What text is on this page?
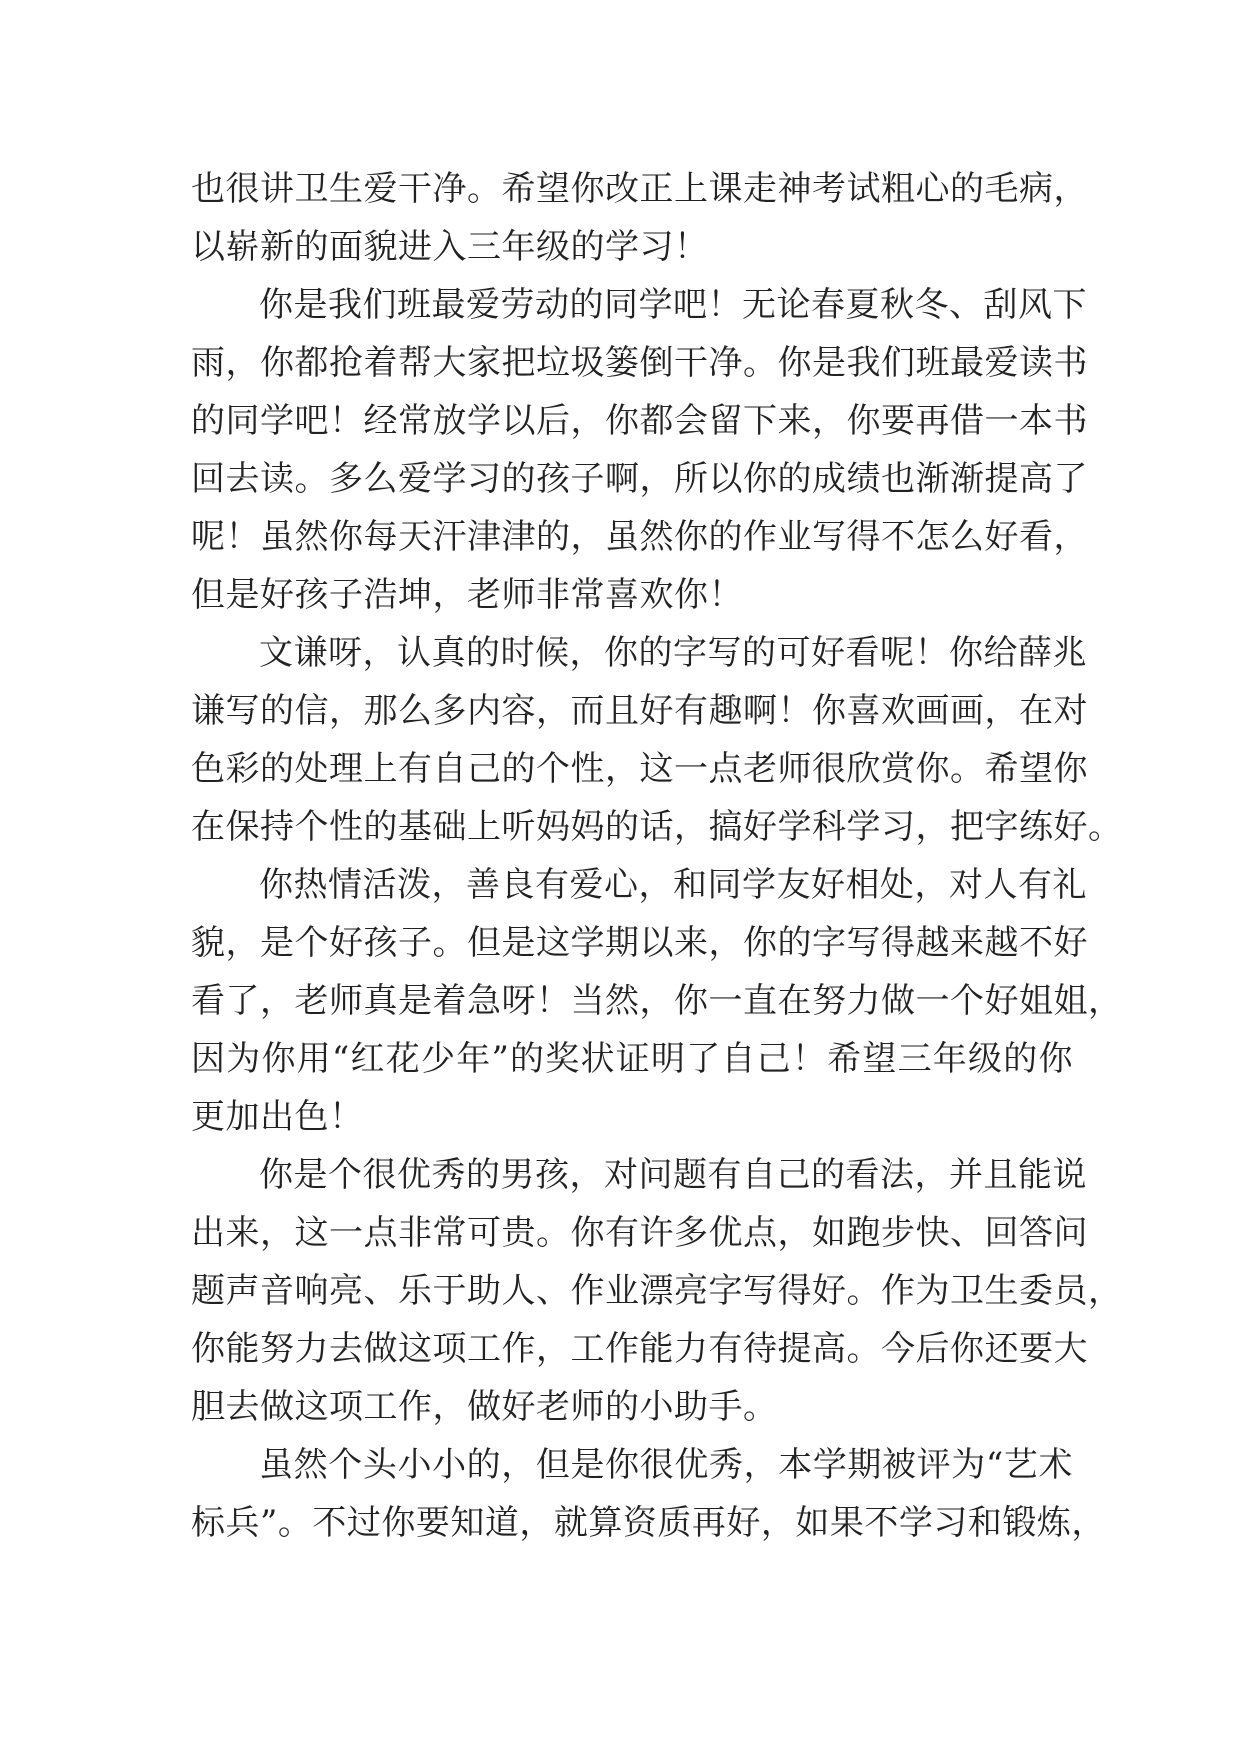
也很讲卫生爱干净。希望你改正上课走神考试粗心的毛病，
以崭新的面貌进入三年级的学习！
你是我们班最爱劳动的同学吧！无论春夏秋冬、刮风下
雨，你都抢着帮大家把垃圾篓倒干净。你是我们班最爱读书
的同学吧！经常放学以后，你都会留下来，你要再借一本书
回去读。多么爱学习的孩子啊，所以你的成绩也渐渐提高了
呢！虽然你每天汗津津的，虽然你的作业写得不怎么好看，
但是好孩子浩坤，老师非常喜欢你！
文谦呀，认真的时候，你的字写的可好看呢！你给薛兆
谦写的信，那么多内容，而且好有趣啊！你喜欢画画，在对
色彩的处理上有自己的个性，这一点老师很欣赏你。希望你
在保持个性的基础上听妈妈的话，搞好学科学习，把字练好。
你热情活泼，善良有爱心，和同学友好相处，对人有礼
貌，是个好孩子。但是这学期以来，你的字写得越来越不好
看了，老师真是着急呀！当然，你一直在努力做一个好姐姐，
因为你用“红花少年”的奖状证明了自己！希望三年级的你
更加出色！
你是个很优秀的男孩，对问题有自己的看法，并且能说
出来，这一点非常可贵。你有许多优点，如跑步快、回答问
题声音响亮、乐于助人、作业漂亮字写得好。作为卫生委员，
你能努力去做这项工作，工作能力有待提高。今后你还要大
胆去做这项工作，做好老师的小助手。
虽然个头小小的，但是你很优秀，本学期被评为“艺术
标兵”。不过你要知道，就算资质再好，如果不学习和锻炼，
